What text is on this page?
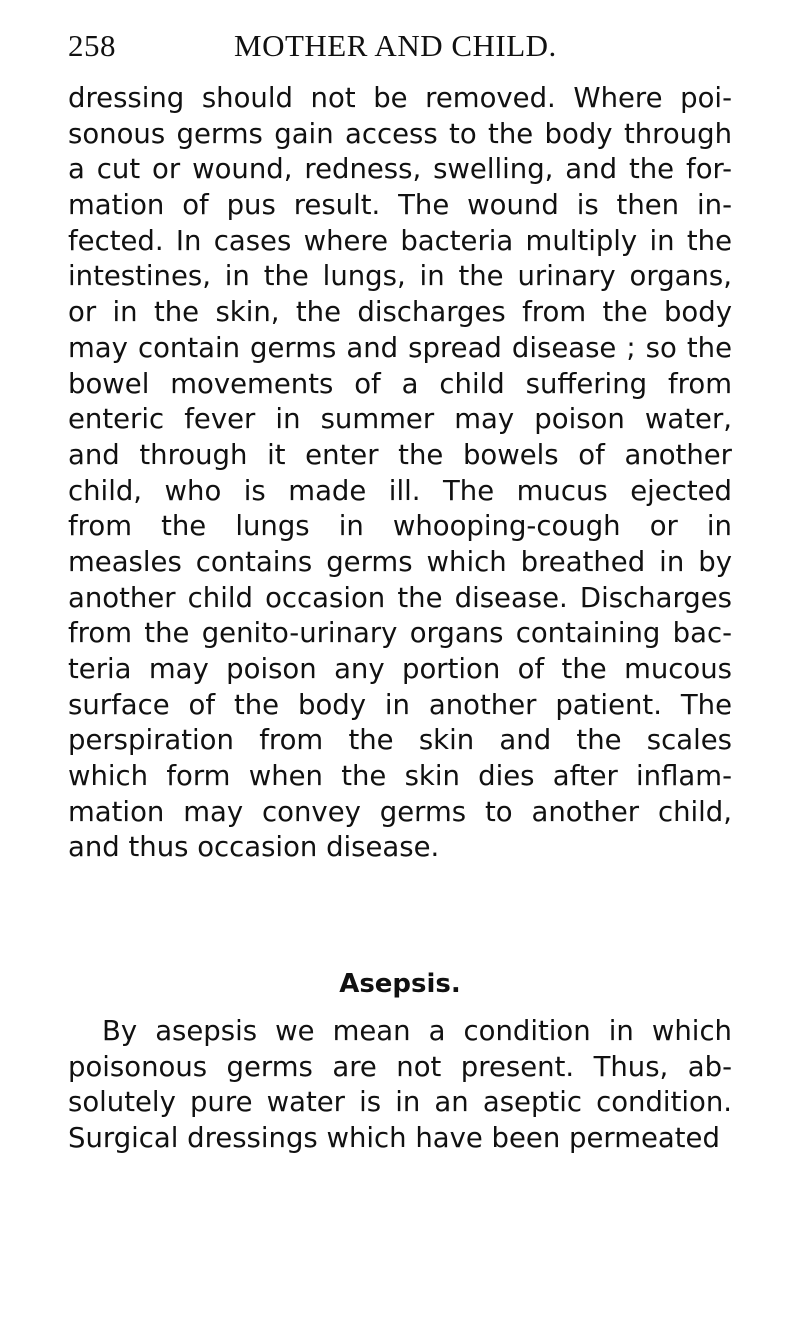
258	MOTHER AND CHILD.
dressing should not be removed. Where poi-
sonous germs gain access to the body through
a cut or wound, redness, swelling, and the for-
mation of pus result. The wound is then in-
fected. In cases where bacteria multiply in the
intestines, in the lungs, in the urinary organs,
or in the skin, the discharges from the body
may contain germs and spread disease ; so the
bowel movements of a child suffering from
enteric fever in summer may poison water,
and through it enter the bowels of another
child, who is made ill. The mucus ejected
from the lungs in whooping-cough or in
measles contains germs which breathed in by
another child occasion the disease. Discharges
from the genito-urinary organs containing bac-
teria may poison any portion of the mucous
surface of the body in another patient. The
perspiration from the skin and the scales
which form when the skin dies after inflam-
mation may convey germs to another child,
and thus occasion disease.
Asepsis.
By asepsis we mean a condition in which
poisonous germs are not present. Thus, ab-
solutely pure water is in an aseptic condition.
Surgical dressings which have been permeated
